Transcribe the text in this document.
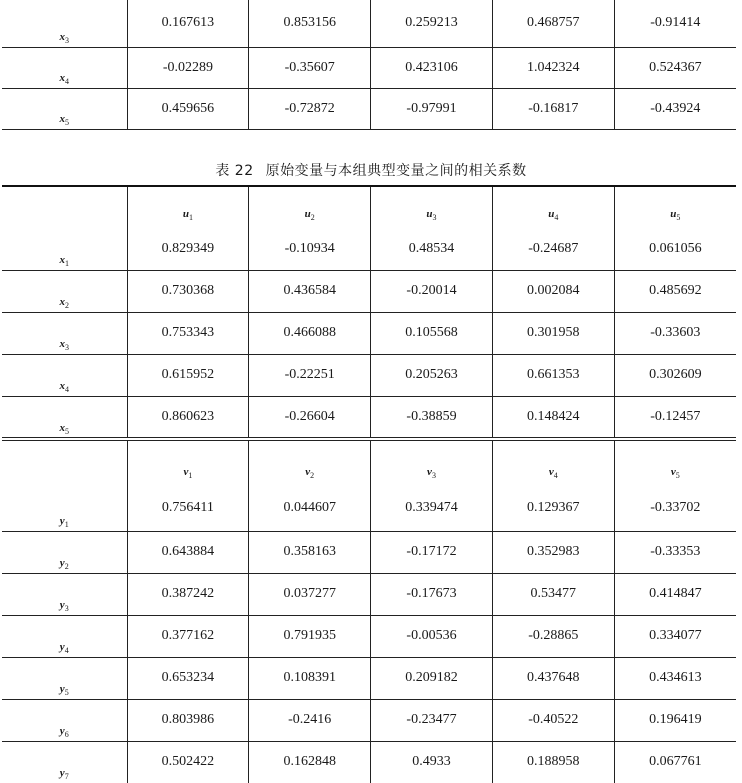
$x_3$	0.167613	0.853156	0.259213	0.468757	-0.91414
$x_4$	-0.02289	-0.35607	0.423106	1.042324	0.524367
$x_5$	0.459656	-0.72872	-0.97991	-0.16817	-0.43924
表 22 原始变量与本组典型变量之间的相关系数
	$u_1$	$u_2$	$u_3$	$u_4$	$u_5$
$x_1$	0.829349	-0.10934	0.48534	-0.24687	0.061056
$x_2$	0.730368	0.436584	-0.20014	0.002084	0.485692
$x_3$	0.753343	0.466088	0.105568	0.301958	-0.33603
$x_4$	0.615952	-0.22251	0.205263	0.661353	0.302609
$x_5$	0.860623	-0.26604	-0.38859	0.148424	-0.12457
	$v_1$	$v_2$	$v_3$	$v_4$	$v_5$
$y_1$	0.756411	0.044607	0.339474	0.129367	-0.33702
$y_2$	0.643884	0.358163	-0.17172	0.352983	-0.33353
$y_3$	0.387242	0.037277	-0.17673	0.53477	0.414847
$y_4$	0.377162	0.791935	-0.00536	-0.28865	0.334077
$y_5$	0.653234	0.108391	0.209182	0.437648	0.434613
$y_6$	0.803986	-0.2416	-0.23477	-0.40522	0.196419
$y_7$	0.502422	0.162848	0.4933	0.188958	0.067761
